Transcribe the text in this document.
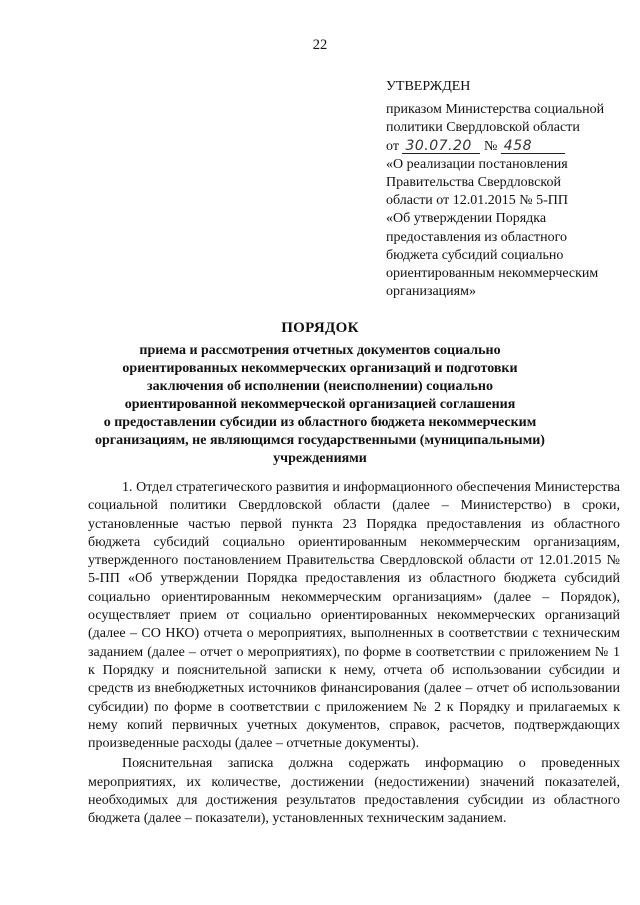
22
УТВЕРЖДЕН
приказом Министерства социальной
политики Свердловской области
от 30.07.20 № 458
«О реализации постановления
Правительства Свердловской
области от 12.01.2015 № 5-ПП
«Об утверждении Порядка
предоставления из областного
бюджета субсидий социально
ориентированным некоммерческим
организациям»
ПОРЯДОК
приема и рассмотрения отчетных документов социально
ориентированных некоммерческих организаций и подготовки
заключения об исполнении (неисполнении) социально
ориентированной некоммерческой организацией соглашения
о предоставлении субсидии из областного бюджета некоммерческим
организациям, не являющимся государственными (муниципальными)
учреждениями

1. Отдел стратегического развития и информационного обеспечения Министерства социальной политики Свердловской области (далее – Министерство) в сроки, установленные частью первой пункта 23 Порядка предоставления из областного бюджета субсидий социально ориентированным некоммерческим организациям, утвержденного постановлением Правительства Свердловской области от 12.01.2015 № 5-ПП «Об утверждении Порядка предоставления из областного бюджета субсидий социально ориентированным некоммерческим организациям» (далее – Порядок), осуществляет прием от социально ориентированных некоммерческих организаций (далее – СО НКО) отчета о мероприятиях, выполненных в соответствии с техническим заданием (далее – отчет о мероприятиях), по форме в соответствии с приложением № 1 к Порядку и пояснительной записки к нему, отчета об использовании субсидии и средств из внебюджетных источников финансирования (далее – отчет об использовании субсидии) по форме в соответствии с приложением № 2 к Порядку и прилагаемых к нему копий первичных учетных документов, справок, расчетов, подтверждающих произведенные расходы (далее – отчетные документы).

Пояснительная записка должна содержать информацию о проведенных мероприятиях, их количестве, достижении (недостижении) значений показателей, необходимых для достижения результатов предоставления субсидии из областного бюджета (далее – показатели), установленных техническим заданием.
